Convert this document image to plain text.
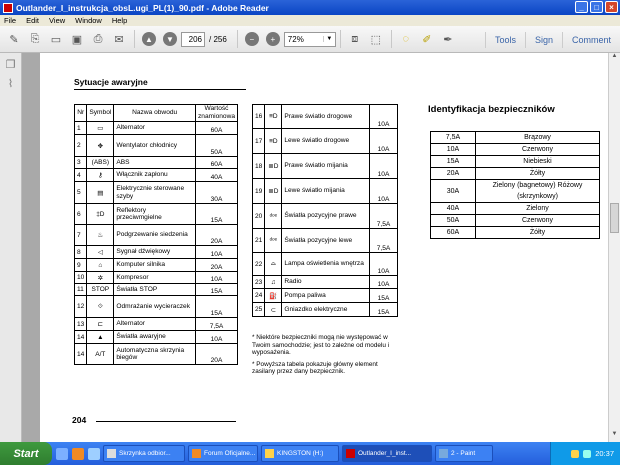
Outlander_I_instrukcja_obsL.ugi_PL(1)_90.pdf - Adobe Reader	_	□	×
File Edit View Window Help
✎	⎘	▭ ▣	⎙	✉	▲	▼
206	/ 256	−	+
72%	▼	⧈	⬚	◌	✐	✒	Tools	Sign	Comment
❐
⌇	Sytuacje awaryjne
Nr	Symbol	Nazwa obwodu	Wartość znamionowa
1	▭	Alternator	60A
2	✥	Wentylator chłodnicy	50A
3	(ABS)	ABS	60A
4	⚷	Włącznik zapłonu	40A
5	▤	Elektrycznie sterowane szyby	30A
6	‡D	Reflektory przeciwmgielne	15A
7	♨	Podgrzewanie siedzenia	20A
8	◁	Sygnał dźwiękowy	10A
9	⌂	Komputer silnika	20A
10	✲	Kompresor	10A
11	STOP	Światła STOP	15A
12	⟐	Odmrażanie wycieraczek	15A
13	⊏	Alternator	7,5A
14	▲	Światła awaryjne	10A
14	A/T	Automatyczna skrzynia biegów	20A
16	≡D	Prawe światło drogowe	10A
17	≡D	Lewe światło drogowe	10A
18	≣D	Prawe światło mijania	10A
19	≣D	Lewe światło mijania	10A
20	ᵈᵒᵉ	Światła pozycyjne prawe	7,5A
21	ᵈᵒᵉ	Światła pozycyjne lewe	7,5A
22	⌓	Lampa oświetlenia wnętrza	10A
23	♫	Radio	10A
24	⛽	Pompa paliwa	15A
25	⊂	Gniazdko elektryczne	15A

* Niektóre bezpieczniki mogą nie występować w Twoim samochodzie; jest to zależne od modelu i wyposażenia.

* Powyższa tabela pokazuje główny element zasilany przez dany bezpiecznik.

204
Identyfikacja bezpieczników
7,5A	Brązowy
10A	Czerwony
15A	Niebieski
20A	Żółty
30A	Zielony (bagnetowy) Różowy (skrzynkowy)
40A	Zielony
50A	Czerwony
60A	Żółty
▲
▼
Start	Skrzynka odbior...	Forum Oficjalne...	KINGSTON (H:)	Outlander_I_inst...	2 - Paint	20:37
